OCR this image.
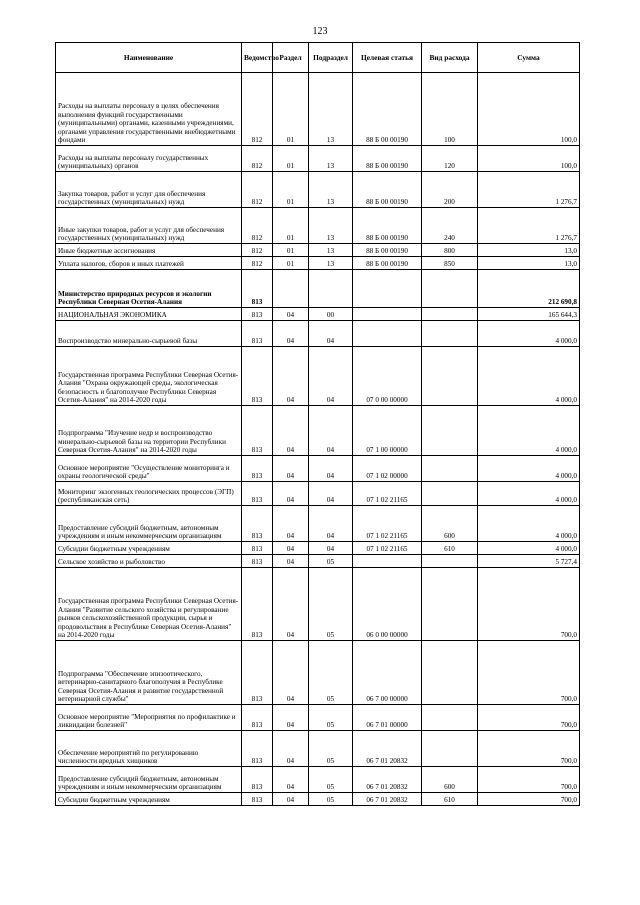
123
Наименование	Ведомство	Раздел	Подраздел	Целевая статья	Вид расхода	Сумма
Расходы на выплаты персоналу в целях обеспечения выполнения функций государственными (муниципальными) органами, казенными учреждениями, органами управления государственными внебюджетными фондами	812	01	13	88 Б 00 00190	100	100,0
Расходы на выплаты персоналу государственных (муниципальных) органов	812	01	13	88 Б 00 00190	120	100,0
Закупка товаров, работ и услуг для обеспечения государственных (муниципальных) нужд	812	01	13	88 Б 00 00190	200	1 276,7
Иные закупки товаров, работ и услуг для обеспечения государственных (муниципальных) нужд	812	01	13	88 Б 00 00190	240	1 276,7
Иные бюджетные ассигнования	812	01	13	88 Б 00 00190	800	13,0
Уплата налогов, сборов и иных платежей	812	01	13	88 Б 00 00190	850	13,0
Министерство природных ресурсов и экологии Республики Северная Осетия-Алания	813					212 690,8
НАЦИОНАЛЬНАЯ ЭКОНОМИКА	813	04	00			165 644,3
Воспроизводство минерально-сырьевой базы	813	04	04			4 000,0
Государственная программа Республики Северная Осетия-Алания "Охрана окружающей среды, экологическая безопасность и благополучие Республики Северная Осетия-Алания" на 2014-2020 годы	813	04	04	07 0 00 00000		4 000,0
Подпрограмма "Изучение недр и воспроизводство минерально-сырьевой базы на территории Республики Северная Осетия-Алания" на 2014-2020 годы	813	04	04	07 1 00 00000		4 000,0
Основное мероприятие "Осуществление мониторинга и охраны геологической среды"	813	04	04	07 1 02 00000		4 000,0
Мониторинг экзогенных геологических процессов (ЭГП) (республиканская сеть)	813	04	04	07 1 02 21165		4 000,0
Предоставление субсидий бюджетным, автономным учреждениям и иным некоммерческим организациям	813	04	04	07 1 02 21165	600	4 000,0
Субсидии бюджетным учреждениям	813	04	04	07 1 02 21165	610	4 000,0
Сельское хозяйство и рыболовство	813	04	05			5 727,4
Государственная программа Республики Северная Осетия-Алания "Развитие сельского хозяйства и регулирование рынков сельскохозяйственной продукции, сырья и продовольствия в Республике Северная Осетия-Алания" на 2014-2020 годы	813	04	05	06 0 00 00000		700,0
Подпрограмма "Обеспечение эпизоотического, ветеринарно-санитарного благополучия в Республике Северная Осетия-Алания и развитие государственной ветеринарной службы"	813	04	05	06 7 00 00000		700,0
Основное мероприятие "Мероприятия по профилактике и ликвидации болезней"	813	04	05	06 7 01 00000		700,0
Обеспечение мероприятий по регулированию численности вредных хищников	813	04	05	06 7 01 20832		700,0
Предоставление субсидий бюджетным, автономным учреждениям и иным некоммерческим организациям	813	04	05	06 7 01 20832	600	700,0
Субсидии бюджетным учреждениям	813	04	05	06 7 01 20832	610	700,0
